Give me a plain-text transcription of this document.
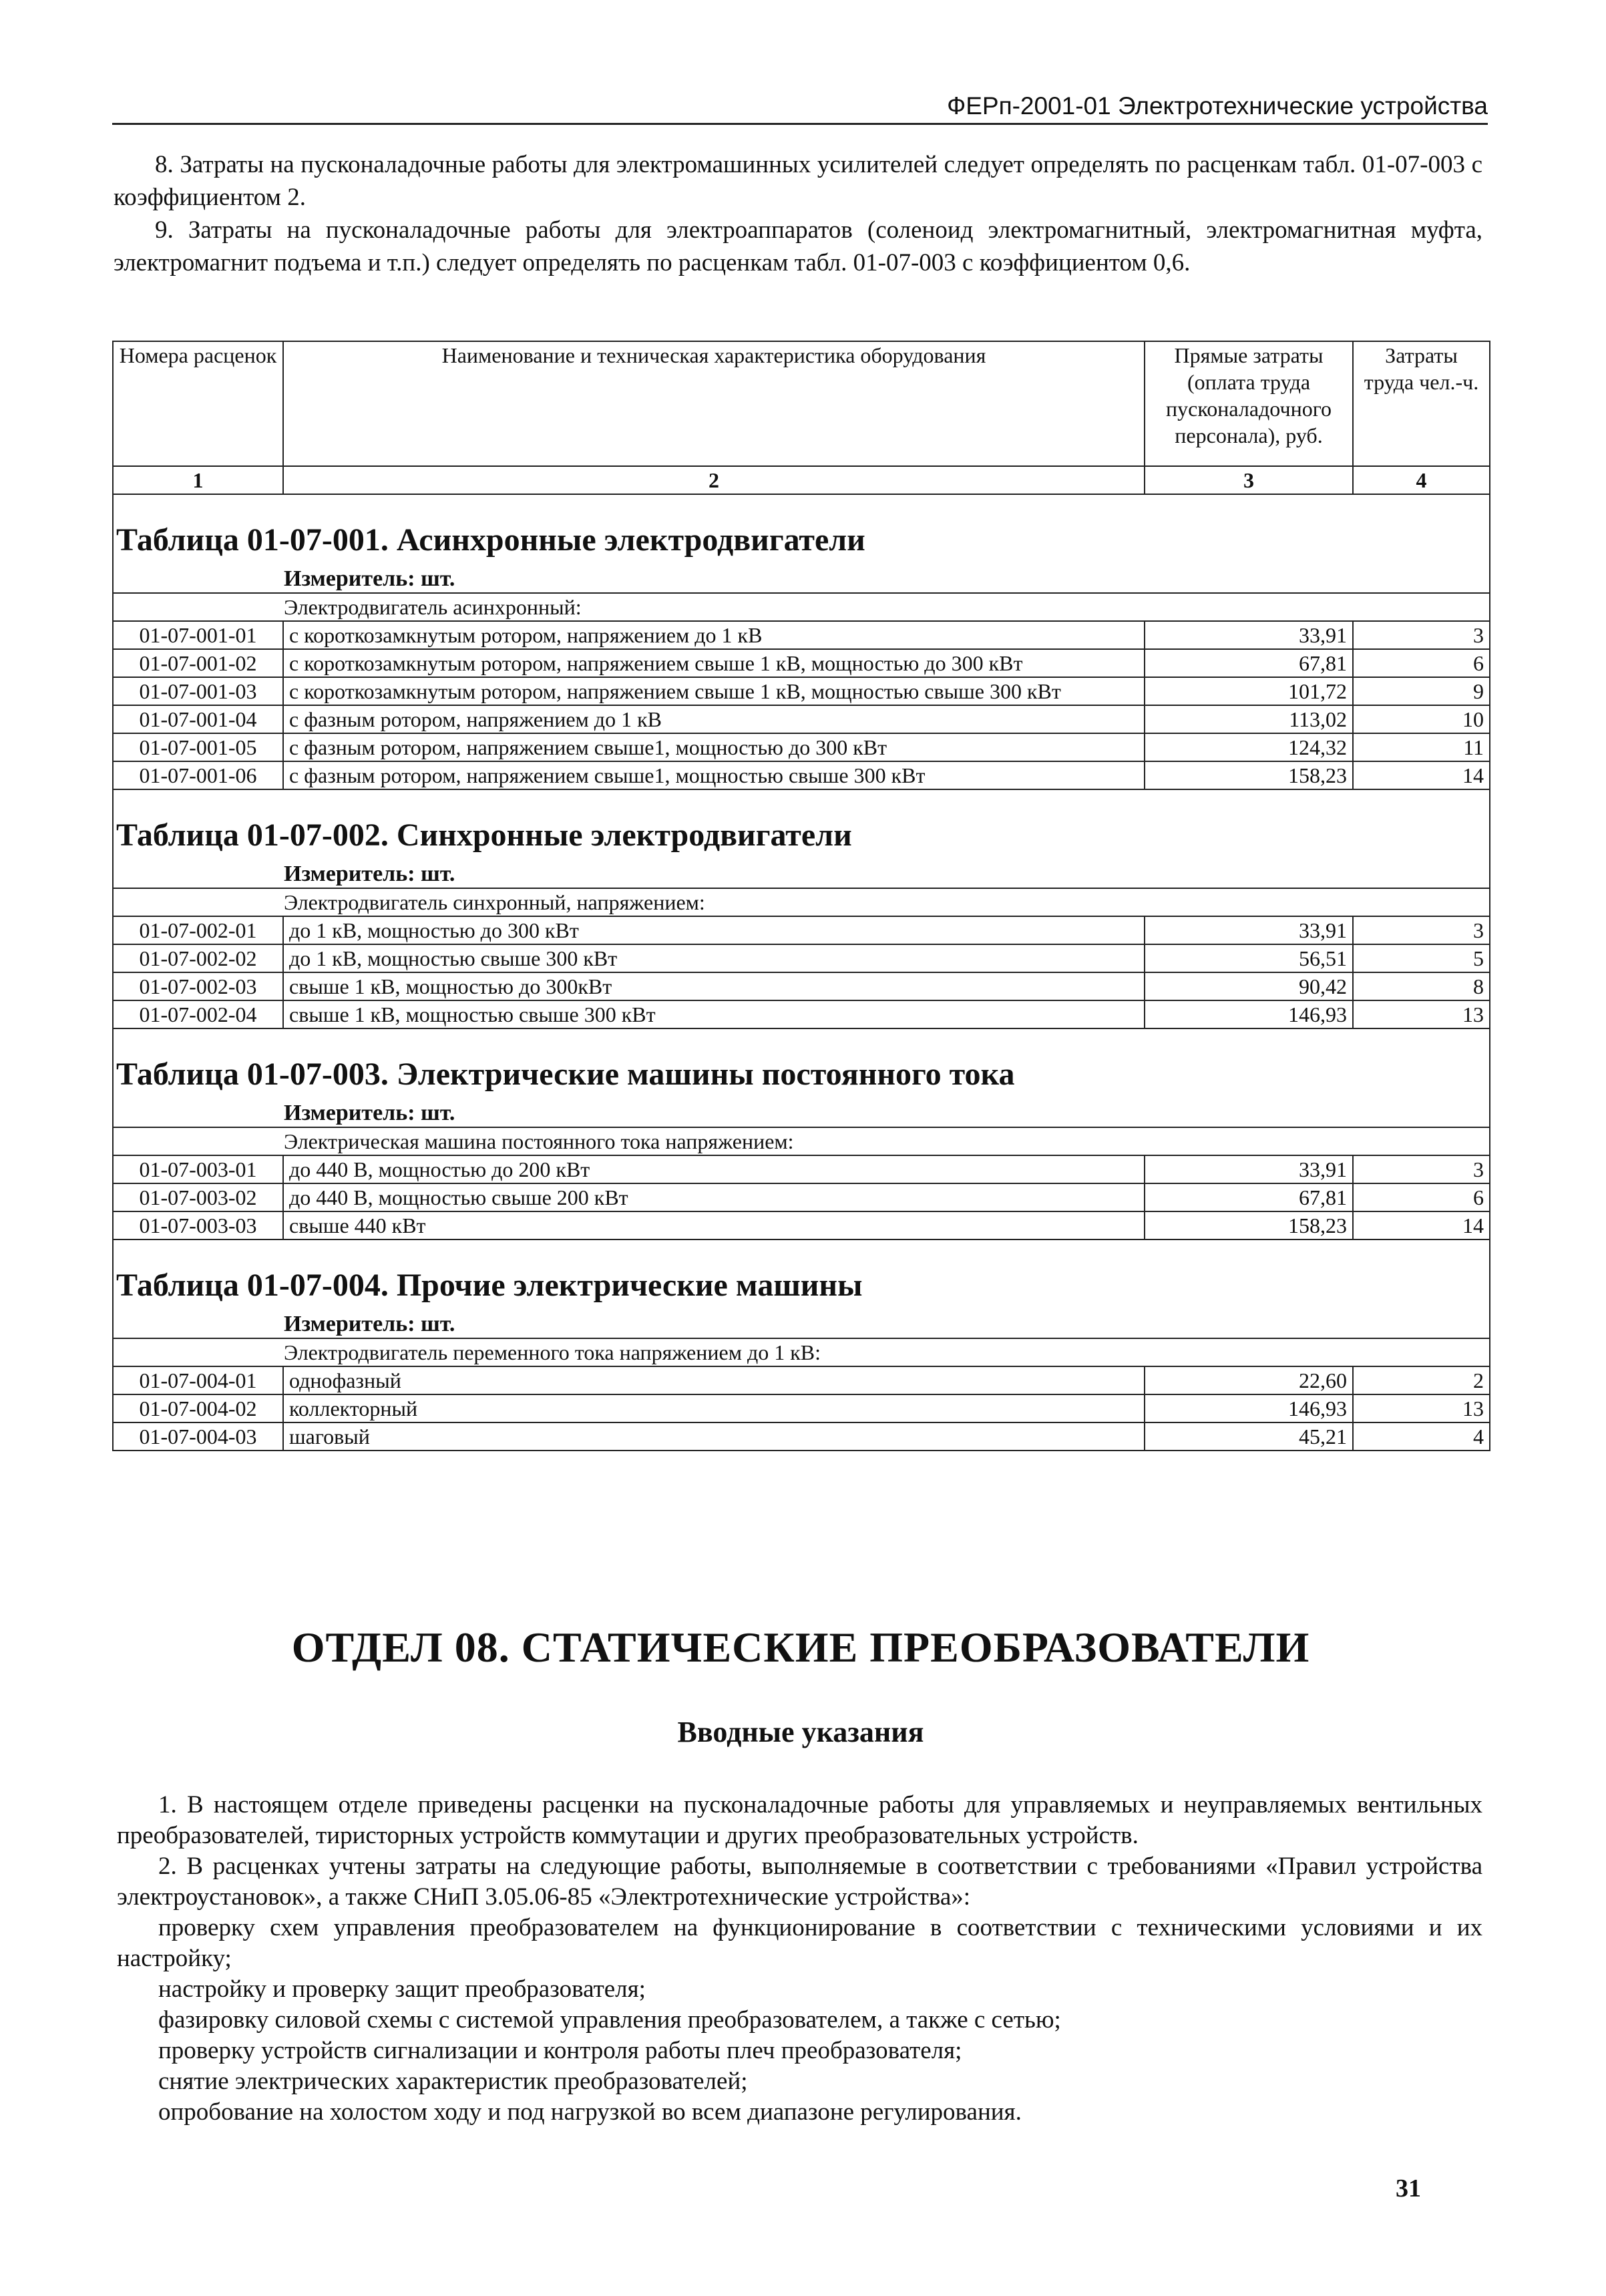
ФЕРп-2001-01 Электротехнические устройства

8. Затраты на пусконаладочные работы для электромашинных усилителей следует определять по расценкам табл. 01-07-003 с коэффициентом 2.

9. Затраты на пусконаладочные работы для электроаппаратов (соленоид электромагнитный, электромагнитная муфта, электромагнит подъема и т.п.) следует определять по расценкам табл. 01-07-003 с коэффициентом 0,6.

Номера расценок	Наименование и техническая характеристика оборудования	Прямые затраты (оплата труда пусконаладочного персонала), руб.	Затраты труда чел.-ч.
1	2	3	4
Таблица 01-07-001. Асинхронные электродвигатели			
Измеритель: шт.			
Электродвигатель асинхронный:			
01-07-001-01	с короткозамкнутым ротором, напряжением до 1 кВ	33,91	3
01-07-001-02	с короткозамкнутым ротором, напряжением свыше 1 кВ, мощностью до 300 кВт	67,81	6
01-07-001-03	с короткозамкнутым ротором, напряжением свыше 1 кВ, мощностью свыше 300 кВт	101,72	9
01-07-001-04	с фазным ротором, напряжением до 1 кВ	113,02	10
01-07-001-05	с фазным ротором, напряжением свыше1, мощностью до 300 кВт	124,32	11
01-07-001-06	с фазным ротором, напряжением свыше1, мощностью свыше 300 кВт	158,23	14
Таблица 01-07-002. Синхронные электродвигатели			
Измеритель: шт.			
Электродвигатель синхронный, напряжением:			
01-07-002-01	до 1 кВ, мощностью до 300 кВт	33,91	3
01-07-002-02	до 1 кВ, мощностью свыше 300 кВт	56,51	5
01-07-002-03	свыше 1 кВ, мощностью до 300кВт	90,42	8
01-07-002-04	свыше 1 кВ, мощностью свыше 300 кВт	146,93	13
Таблица 01-07-003. Электрические машины постоянного тока			
Измеритель: шт.			
Электрическая машина постоянного тока напряжением:			
01-07-003-01	до 440 В, мощностью до 200 кВт	33,91	3
01-07-003-02	до 440 В, мощностью свыше 200 кВт	67,81	6
01-07-003-03	свыше 440 кВт	158,23	14
Таблица 01-07-004. Прочие электрические машины			
Измеритель: шт.			
Электродвигатель переменного тока напряжением до 1 кВ:			
01-07-004-01	однофазный	22,60	2
01-07-004-02	коллекторный	146,93	13
01-07-004-03	шаговый	45,21	4
ОТДЕЛ 08. СТАТИЧЕСКИЕ ПРЕОБРАЗОВАТЕЛИ
Вводные указания

1. В настоящем отделе приведены расценки на пусконаладочные работы для управляемых и неуправляемых вентильных преобразователей, тиристорных устройств коммутации и других преобразовательных устройств.

2. В расценках учтены затраты на следующие работы, выполняемые в соответствии с требованиями «Правил устройства электроустановок», а также СНиП 3.05.06-85 «Электротехнические устройства»:

проверку схем управления преобразователем на функционирование в соответствии с техническими условиями и их настройку;

настройку и проверку защит преобразователя;

фазировку силовой схемы с системой управления преобразователем, а также с сетью;

проверку устройств сигнализации и контроля работы плеч преобразователя;

снятие электрических характеристик преобразователей;

опробование на холостом ходу и под нагрузкой во всем диапазоне регулирования.

31
